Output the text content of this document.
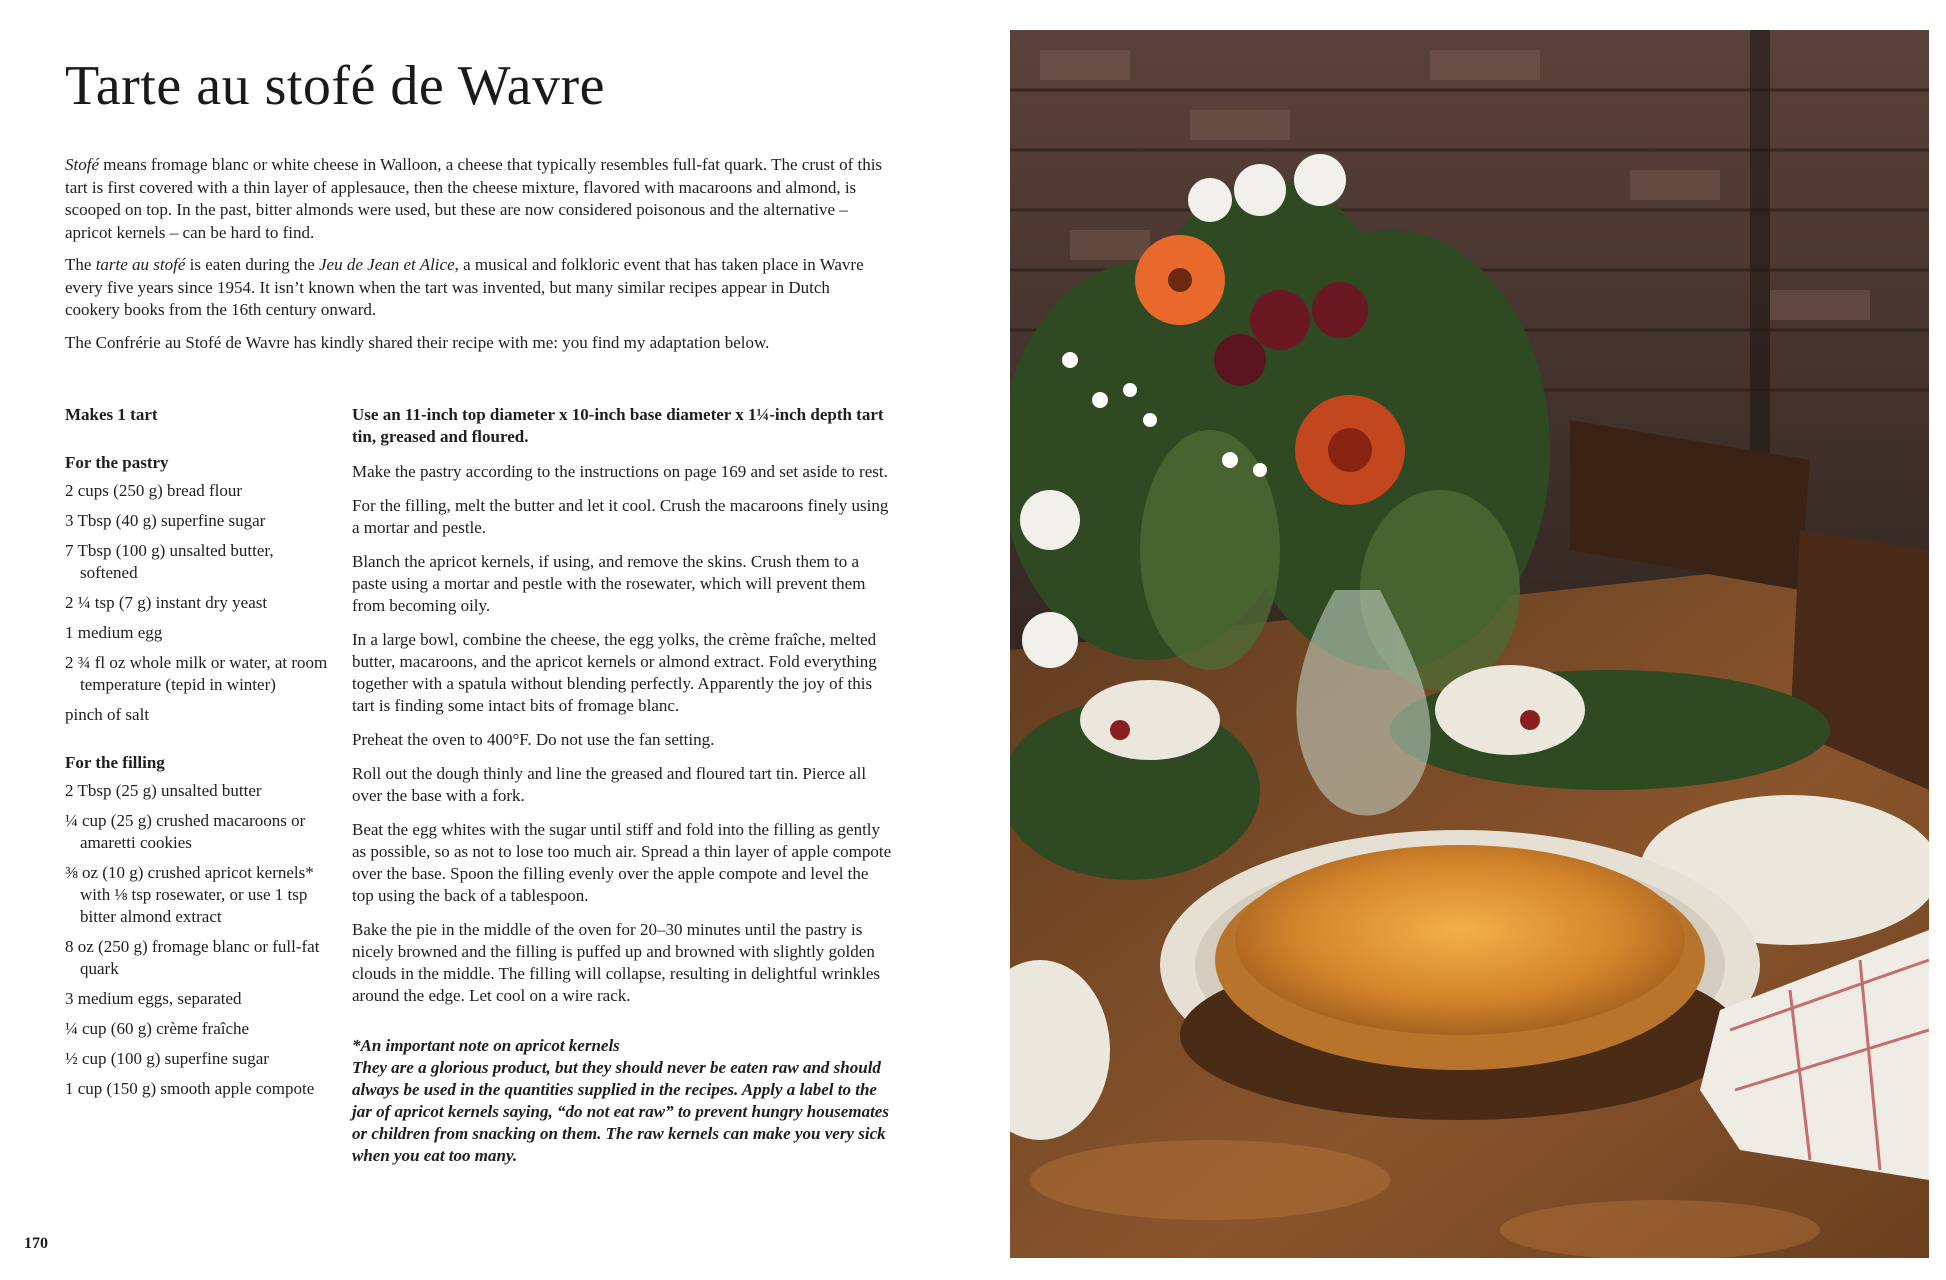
Tarte au stofé de Wavre

Stofé means fromage blanc or white cheese in Walloon, a cheese that typically resembles full-fat quark. The crust of this tart is first covered with a thin layer of applesauce, then the cheese mixture, flavored with macaroons and almond, is scooped on top. In the past, bitter almonds were used, but these are now considered poisonous and the alternative – apricot kernels – can be hard to find.

The tarte au stofé is eaten during the Jeu de Jean et Alice, a musical and folkloric event that has taken place in Wavre every five years since 1954. It isn’t known when the tart was invented, but many similar recipes appear in Dutch cookery books from the 16th century onward.

The Confrérie au Stofé de Wavre has kindly shared their recipe with me: you find my adaptation below.

Makes 1 tart
For the pastry
2 cups (250 g) bread flour
3 Tbsp (40 g) superfine sugar
7 Tbsp (100 g) unsalted butter, softened
2 ¼ tsp (7 g) instant dry yeast
1 medium egg
2 ¾ fl oz whole milk or water, at room temperature (tepid in winter)
pinch of salt
For the filling
2 Tbsp (25 g) unsalted butter
¼ cup (25 g) crushed macaroons or amaretti cookies
⅜ oz (10 g) crushed apricot kernels* with ⅛ tsp rosewater, or use 1 tsp bitter almond extract
8 oz (250 g) fromage blanc or full-fat quark
3 medium eggs, separated
¼ cup (60 g) crème fraîche
½ cup (100 g) superfine sugar
1 cup (150 g) smooth apple compote

Use an 11-inch top diameter x 10-inch base diameter x 1¼-inch depth tart tin, greased and floured.

Make the pastry according to the instructions on page 169 and set aside to rest.

For the filling, melt the butter and let it cool. Crush the macaroons finely using a mortar and pestle.

Blanch the apricot kernels, if using, and remove the skins. Crush them to a paste using a mortar and pestle with the rosewater, which will prevent them from becoming oily.

In a large bowl, combine the cheese, the egg yolks, the crème fraîche, melted butter, macaroons, and the apricot kernels or almond extract. Fold everything together with a spatula without blending perfectly. Apparently the joy of this tart is finding some intact bits of fromage blanc.

Preheat the oven to 400°F. Do not use the fan setting.

Roll out the dough thinly and line the greased and floured tart tin. Pierce all over the base with a fork.

Beat the egg whites with the sugar until stiff and fold into the filling as gently as possible, so as not to lose too much air. Spread a thin layer of apple compote over the base. Spoon the filling evenly over the apple compote and level the top using the back of a tablespoon.

Bake the pie in the middle of the oven for 20–30 minutes until the pastry is nicely browned and the filling is puffed up and browned with slightly golden clouds in the middle. The filling will collapse, resulting in delightful wrinkles around the edge. Let cool on a wire rack.

*An important note on apricot kernels
They are a glorious product, but they should never be eaten raw and should always be used in the quantities supplied in the recipes. Apply a label to the jar of apricot kernels saying, “do not eat raw” to prevent hungry housemates or children from snacking on them. The raw kernels can make you very sick when you eat too many.
170
